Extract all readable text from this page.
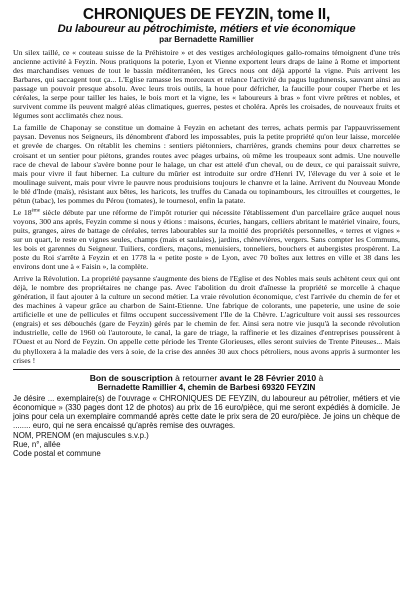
CHRONIQUES DE FEYZIN, tome II,

Du laboureur au pétrochimiste, métiers et vie économique

par Bernadette Ramillier

Un silex taillé, ce « couteau suisse de la Préhistoire » et des vestiges archéologiques gallo-romains témoignent d'une très ancienne activité à Feyzin. Nous pratiquons la poterie, Lyon et Vienne exportent leurs draps de laine à Rome et importent des marchandises venues de tout le bassin méditerranéen, les Grecs nous ont déjà apporté la vigne. Puis arrivent les Barbares, qui saccagent tout ça... L'Eglise ramasse les morceaux et relance l'activité du pagus lugdunensis, sauvant ainsi au passage un pouvoir presque absolu. Avec leurs trois outils, la houe pour défricher, la faucille pour couper l'herbe et les céréales, la serpe pour tailler les haies, le bois mort et la vigne, les « laboureurs à bras » font vivre prêtres et nobles, et survivent comme ils peuvent malgré aléas climatiques, guerres, pestes et choléra. Après les croisades, de nouveaux fruits et légumes sont acclimatés chez nous.

La famille de Chaponay se constitue un domaine à Feyzin en achetant des terres, achats permis par l'appauvrissement paysan. Devenus nos Seigneurs, ils dénombrent d'abord les impossables, puis la petite propriété qu'on leur laisse, morcelée et grevée de charges. On rétablit les chemins : sentiers piétonniers, charrières, grands chemins pour deux charrettes se croisant et un sentier pour piétons, grandes routes avec péages urbains, où même les troupeaux sont admis. Une nouvelle race de cheval de labour s'avère bonne pour le halage, un char est attelé d'un cheval, ou de deux, ce qui paraissait suivre, mais pour vivre il faut hiberner. La culture du mûrier est introduite sur ordre d'Henri IV, l'élevage du ver à soie et le moulinage suivent, mais pour vivre le pauvre nous produisions toujours le chanvre et la laine. Arrivent du Nouveau Monde le blé d'Inde (maïs), résistant aux bêtes, les haricots, les truffes du Canada ou topinambours, les citrouilles et courgettes, le pétun (tabac), les pommes du Pérou (tomates), le tournesol, enfin la patate.

Le 18ème siècle débute par une réforme de l'impôt roturier qui nécessite l'établissement d'un parcellaire grâce auquel nous voyons, 300 ans après, Feyzin comme si nous y étions : maisons, écuries, hangars, celliers abritant le matériel vinaire, fours, puits, granges, aires de battage de céréales, terres labourables sur la moitié des propriétés personnelles, « terres et vignes » sur un quart, le reste en vignes seules, champs (mais et saulaies), jardins, chènevières, vergers. Sans compter les Communs, les bois et garennes du Seigneur. Tuiliers, cordiers, maçons, menuisiers, tonneliers, bouchers et aubergistes prospèrent. La poste du Roi s'arrête à Feyzin et en 1778 la « petite poste » de Lyon, avec 70 boîtes aux lettres en ville et 38 dans les environs dont une à « Faisin », la complète.

Arrive la Révolution. La propriété paysanne s'augmente des biens de l'Eglise et des Nobles mais seuls achètent ceux qui ont déjà, le nombre des propriétaires ne change pas. Avec l'abolition du droit d'aînesse la propriété se morcelle à chaque génération, il faut ajouter à la culture un second métier. La vraie révolution économique, c'est l'arrivée du chemin de fer et des machines à vapeur grâce au charbon de Saint-Etienne. Une fabrique de colorants, une papeterie, une usine de soie artificielle et une de pellicules et films occupent successivement l'Ile de la Chèvre. L'agriculture voit aussi ses ressources (engrais) et ses débouchés (gare de Feyzin) gérés par le chemin de fer. Ainsi sera notre vie jusqu'à la seconde révolution industrielle, celle de 1960 où l'autoroute, le canal, la gare de triage, la raffinerie et les dizaines d'entreprises poussèrent à l'Ouest et au Nord de Feyzin. On appelle cette période les Trente Glorieuses, elles seront suivies de Trente Piteuses... Mais du phylloxera à la maladie des vers à soie, de la crise des années 30 aux chocs pétroliers, nous avons appris à surmonter les crises !

Bon de souscription à retourner avant le 28 Février 2010 à

Bernadette Ramillier 4, chemin de Barbesi 69320 FEYZIN

Je désire ... exemplaire(s) de l'ouvrage « CHRONIQUES DE FEYZIN, du laboureur au pétrolier, métiers et vie économique » (330 pages dont 12 de photos) au prix de 16 euro/pièce, qui me seront expédiés à domicile. Je joins pour cela un exemplaire commandé après cette date le prix sera de 20 euro/pièce. Je joins un chèque de ........ euro, qui ne sera encaissé qu'après remise des ouvrages.

NOM, PRENOM (en majuscules s.v.p.)

Rue, n°, allée

Code postal et commune
